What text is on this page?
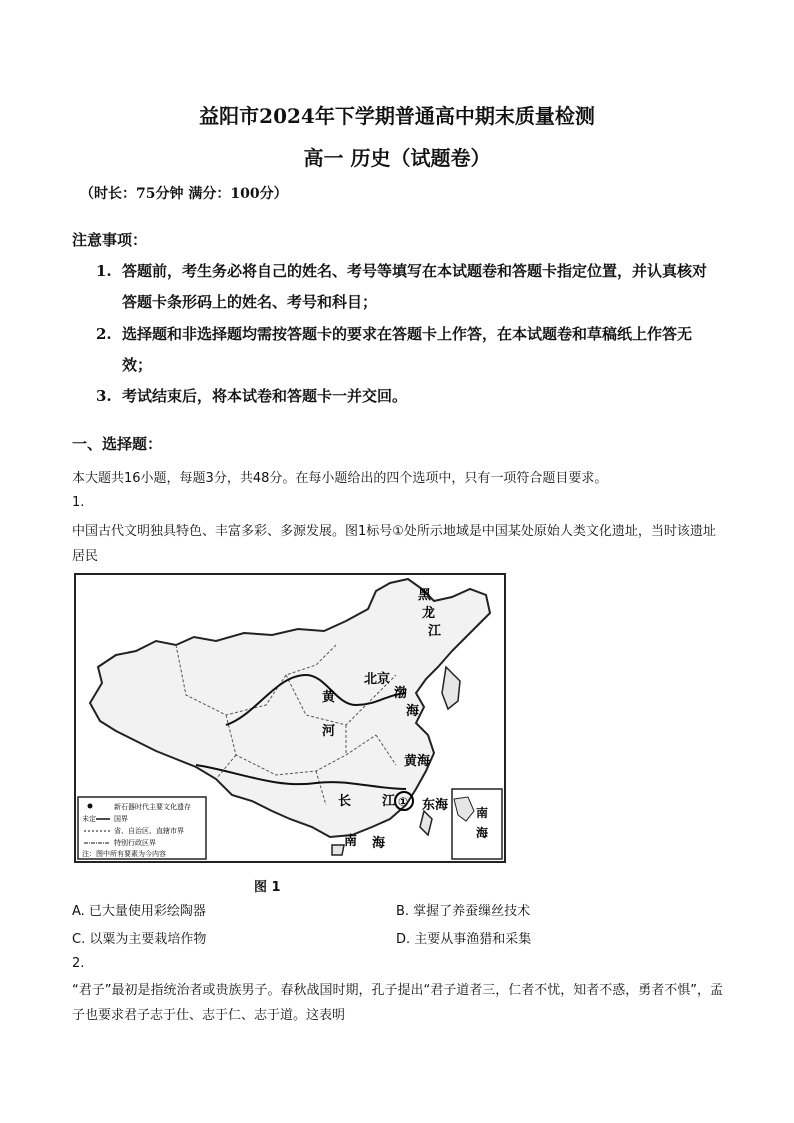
益阳市2024年下学期普通高中期末质量检测
高一 历史（试题卷）
（时长：75分钟 满分：100分）
注意事项：
1. 答题前，考生务必将自己的姓名、考号等填写在本试题卷和答题卡指定位置，并认真核对答题卡条形码上的姓名、考号和科目；
2. 选择题和非选择题均需按答题卡的要求在答题卡上作答，在本试题卷和草稿纸上作答无效；
3. 考试结束后，将本试卷和答题卡一并交回。
一、选择题：
本大题共16小题，每题3分，共48分。在每小题给出的四个选项中，只有一项符合题目要求。
1.
中国古代文明独具特色、丰富多彩、多源发展。图1标号①处所示地域是中国某处原始人类文化遗址，当时该遗址居民
黑
龙
江
北京
渤
海
黄
河
黄海
长 江 ① 东海
南 海
南
海
新石器时代主要文化遗存
未定	国界
省、自治区、直辖市界
特别行政区界
注：图中所有要素为今内容
图 1
A. 已大量使用彩绘陶器	B. 掌握了养蚕缫丝技术
C. 以粟为主要栽培作物	D. 主要从事渔猎和采集
2.
“君子”最初是指统治者或贵族男子。春秋战国时期，孔子提出“君子道者三，仁者不忧，知者不惑，勇者不惧”，孟子也要求君子志于仕、志于仁、志于道。这表明
